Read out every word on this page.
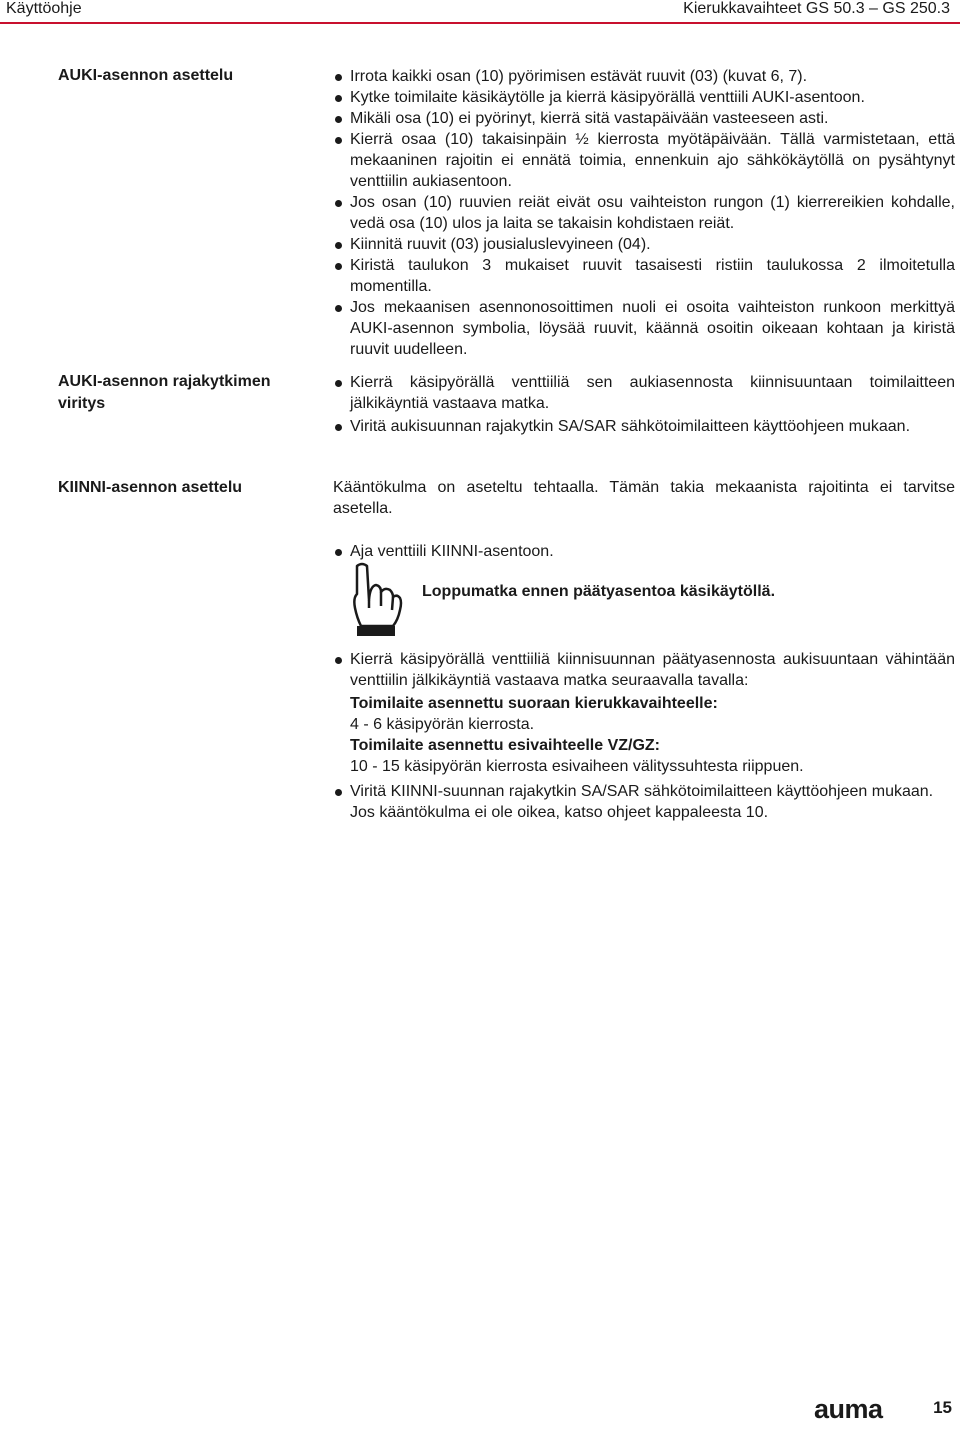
Käyttöohje	Kierukkavaihteet GS 50.3 – GS 250.3
AUKI-asennon asettelu	Irrota kaikki osan (10) pyörimisen estävät ruuvit (03) (kuvat 6, 7).
Kytke toimilaite käsikäytölle ja kierrä käsipyörällä venttiili AUKI-asentoon.
Mikäli osa (10) ei pyörinyt, kierrä sitä vastapäivään vasteeseen asti.
Kierrä osaa (10) takaisinpäin ½ kierrosta myötäpäivään. Tällä varmistetaan, että mekaaninen rajoitin ei ennätä toimia, ennenkuin ajo sähkökäytöllä on pysähtynyt venttiilin aukiasentoon.
Jos osan (10) ruuvien reiät eivät osu vaihteiston rungon (1) kierrereikien kohdalle, vedä osa (10) ulos ja laita se takaisin kohdistaen reiät.
Kiinnitä ruuvit (03) jousialuslevyineen (04).
Kiristä taulukon 3 mukaiset ruuvit tasaisesti ristiin taulukossa 2 ilmoitetulla momentilla.
Jos mekaanisen asennonosoittimen nuoli ei osoita vaihteiston runkoon merkittyä AUKI-asennon symbolia, löysää ruuvit, käännä osoitin oikeaan kohtaan ja kiristä ruuvit uudelleen.
AUKI-asennon rajakytkimen viritys
Kierrä käsipyörällä venttiiliä sen aukiasennosta kiinnisuuntaan toimilaitteen jälkikäyntiä vastaava matka.
Viritä aukisuunnan rajakytkin SA/SAR sähkötoimilaitteen käyttöohjeen mukaan.
KIINNI-asennon asettelu	Kääntökulma on aseteltu tehtaalla. Tämän takia mekaanista rajoitinta ei tarvitse asetella.
Aja venttiili KIINNI-asentoon.
Loppumatka ennen päätyasentoa käsikäytöllä.
Kierrä käsipyörällä venttiiliä kiinnisuunnan päätyasennosta aukisuuntaan vähintään venttiilin jälkikäyntiä vastaava matka seuraavalla tavalla:
Toimilaite asennettu suoraan kierukkavaihteelle:
4 - 6 käsipyörän kierrosta.
Toimilaite asennettu esivaihteelle VZ/GZ:
10 - 15 käsipyörän kierrosta esivaiheen välityssuhtesta riippuen.
Viritä KIINNI-suunnan rajakytkin SA/SAR sähkötoimilaitteen käyttöohjeen mukaan.
Jos kääntökulma ei ole oikea, katso ohjeet kappaleesta 10.
auma	15
